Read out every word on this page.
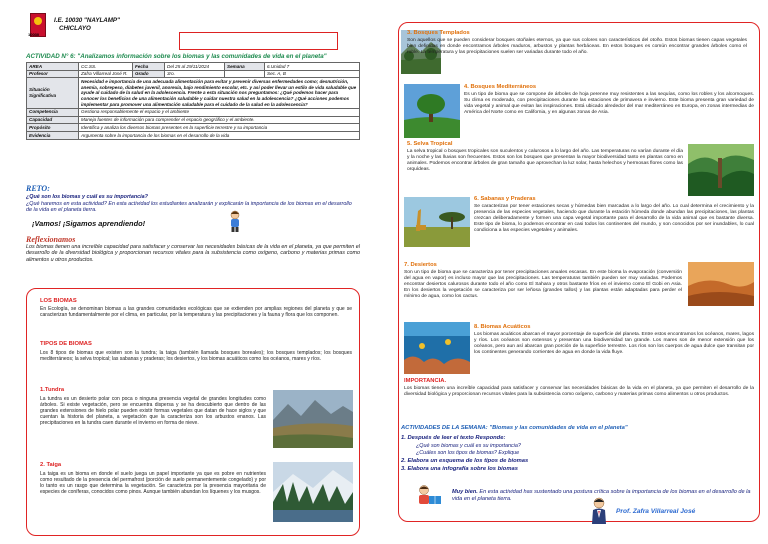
10030
I.E. 10030 "NAYLAMP"
CHICLAYO
ACTIVIDAD N° 6: "Analizamos información sobre los biomas y las comunidades de vida en el planeta"
AREA	CC.SS.	Fecha	Del 25 al 29/11/2024	Semana	6.Unidad 7
Profesor	Zafra Villarreal José R.	Grado	3ro.		Sec. A, B
Situación Significativa	Necesidad e importancia de una adecuada alimentación para evitar y prevenir diversas enfermedades como; desnutrición, anemia, sobrepeso, diabetes juvenil, anorexia, bajo rendimiento escolar, etc. y así poder llevar un estilo de vida saludable que ayude al cuidado de la salud en la adolescencia. Frente a esta situación nos preguntamos: ¿Qué podemos hacer para conocer los beneficios de una alimentación saludable y cuidar nuestra salud en la adolescencia? ¿Qué acciones podemos implementar para promover una alimentación saludable para el cuidado de la salud en la adolescencia?				
Competencia	Gestiona responsablemente el espacio y el ambiente				
Capacidad	Maneja fuentes de información para comprender el espacio geográfico y el ambiente.				
Propósito	Identifica y analiza los diversos biomas presentes en la superficie terrestre y su importancia				
Evidencia	Argumenta sobre la importancia de los biomas en el desarrollo de la vida				
RETO:
¿Qué son los biomas y cuál es su importancia?
¿Qué haremos en esta actividad? En esta actividad los estudiantes analizarán y explicarán la importancia de los biomas en el desarrollo de la vida en el planeta tierra.
¡Vamos! ¡Sigamos aprendiendo!
Reflexionamos
Los biomas tienen una increíble capacidad para satisfacer y conservar las necesidades básicas de la vida en el planeta, ya que permiten el desarrollo de la diversidad biológica y proporcionan recursos vitales para la subsistencia como oxígeno, carbono y materias primas como alimentos u otros productos.
LOS BIOMAS
En Ecología, se denominan biomas a las grandes comunidades ecológicas que se extienden por amplias regiones del planeta y que se caracterizan fundamentalmente por el clima, en particular, por la temperatura y las precipitaciones y la fauna y flora que los componen.
TIPOS DE BIOMAS
Los 8 tipos de biomas que existen son la tundra; la taiga (también llamada bosques boreales); los bosques templados; los bosques mediterráneos; la selva tropical; las sabanas y praderas; los desiertos, y los biomas acuáticos como los océanos, mares y ríos.
1.Tundra
La tundra es un desierto polar con poca o ninguna presencia vegetal de grandes longitudes como árboles. Si existe vegetación, pero se encuentra dispersa y se ha descubierto que dentro de las grandes extensiones de hielo polar pueden existir formas vegetales que datan de hace siglos y que cuentan la historia del planeta, a vegetación que la caracteriza son los arbustos enanos. Las precipitaciones en la tundra caen durante el invierno en forma de nieve.
2. Taiga
La taiga es un bioma en donde el suelo juega un papel importante ya que es pobre en nutrientes como resultado de la presencia del permafrost (porción de suelo permanentemente congelado) y por lo tanto es un rasgo que determina la vegetación. Se caracteriza por la presencia mayoritaria de especies de coníferas, conocidos como pinos. Aunque también abundan los líquenes y los musgos.
3. Bosques Templados
Son aquellos que se pueden considerar bosques otoñales eternos, ya que sus colores son característicos del otoño. Estos biomas tienen capas vegetales bien definidas en donde encontramos árboles maduros, arbustos y plantas herbáceas. En estos bosques es común encontrar grandes árboles como el roble. La temperatura y las precipitaciones suelen ser variadas durante todo el año.
4. Bosques Mediterráneos
Es un tipo de bioma que se compone de árboles de hoja perenne muy resistentes a las sequías, como los robles y los alcornoques. Su clima es moderado, con precipitaciones durante las estaciones de primavera e invierno. Este bioma presenta gran variedad de vida vegetal y animal que evitan las inspiraciones. Está ubicado alrededor del mar mediterráneo en Europa, en zonas intermedias de América del Norte como en California, y en algunas zonas de Asia.
5. Selva Tropical
La selva tropical o bosques tropicales son suculentos y calurosos a lo largo del año. Las temperaturas no varían durante el día y la noche y las lluvias son frecuentes. Estos son los bosques que presentan la mayor biodiversidad tanto en plantas como en animales. Podemos encontrar árboles de gran tamaño que aprovechan la luz solar, hasta helechos y hermosas flores como las orquídeas.
6. Sabanas y Praderas
Se caracterizan por tener estaciones secas y húmedas bien marcadas a lo largo del año. Lo cual determina el crecimiento y la presencia de las especies vegetales, haciendo que durante la estación húmeda donde abundan las precipitaciones, las plantas crezcan deliberadamente y formen una capa vegetal importante para el desarrollo de la vida animal que es bastante diversa. Este tipo de bioma, lo podemos encontrar en casi todos los continentes del mundo, y son conocidos por ser inundables, lo cual condiciona a las especies vegetales y animales.
7. Desiertos
Son un tipo de bioma que se caracteriza por tener precipitaciones anuales escasas. En este bioma la evaporación (conversión del agua en vapor) es incluso mayor que las precipitaciones. Las temperaturas también pueden ser muy variadas. Podemos encontrar desiertos calurosos durante todo el año como El Sahara y otros bastante fríos en el invierno como El Gobi en Asia. En los desiertos la vegetación se caracteriza por ser leñosa (grandes tallos) y las plantas están adaptadas para perder el mínimo de agua, como los cactus.
8. Biomas Acuáticos
Los biomas acuáticos abarcan el mayor porcentaje de superficie del planeta. Entre estos encontramos los océanos, mares, lagos y ríos. Los océanos son extensos y presentan una biodiversidad tan grande. Los mares son de menor extensión que los océanos, pero aun así abarcan gran porción de la superficie terrestre. Los ríos son los cuerpos de agua dulce que transitan por los continentes generando corrientes de agua en donde la vida fluye.
IMPORTANCIA.
Los biomas tienen una increíble capacidad para satisfacer y conservar las necesidades básicas de la vida en el planeta, ya que permiten el desarrollo de la diversidad biológica y proporcionan recursos vitales para la subsistencia como oxígeno, carbono y materias primas como alimentos u otros productos.
ACTIVIDADES DE LA SEMANA: "Biomas y las comunidades de vida en el planeta"
1. Después de leer el texto Responde:
¿Qué son biomas y cuál es su importancia?
¿Cuáles son los tipos de biomas? Explique
2. Elabora un esquema de los tipos de biomas
3. Elabora una infografía sobre los biomas
Muy bien. En esta actividad has sustentado una postura crítica sobre la importancia de los biomas en el desarrollo de la vida en el planeta tierra.
Prof. Zafra Villarreal José
